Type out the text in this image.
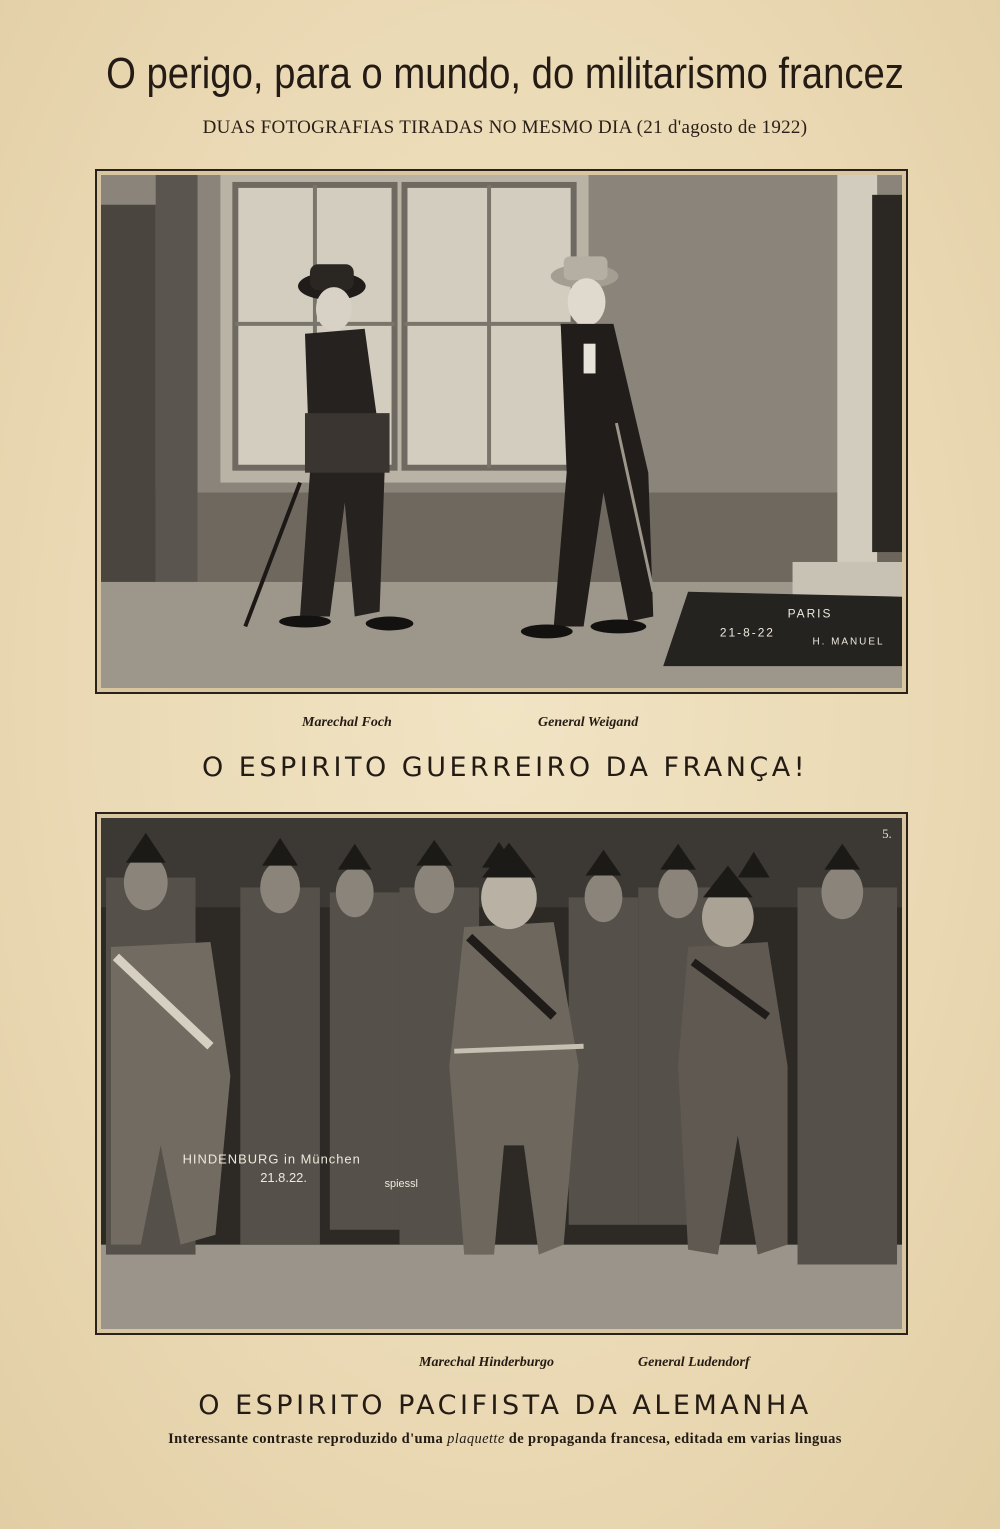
O perigo, para o mundo, do militarismo francez
DUAS FOTOGRAFIAS TIRADAS NO MESMO DIA (21 d'agosto de 1922)
PARIS
21-8-22
H. MANUEL
Marechal Foch	General Weigand
O ESPIRITO GUERREIRO DA FRANÇA!
5.
HINDENBURG in München
21.8.22.	spiessl
Marechal Hinderburgo	General Ludendorf
O ESPIRITO PACIFISTA DA ALEMANHA
Interessante contraste reproduzido d'uma plaquette de propaganda francesa, editada em varias linguas
